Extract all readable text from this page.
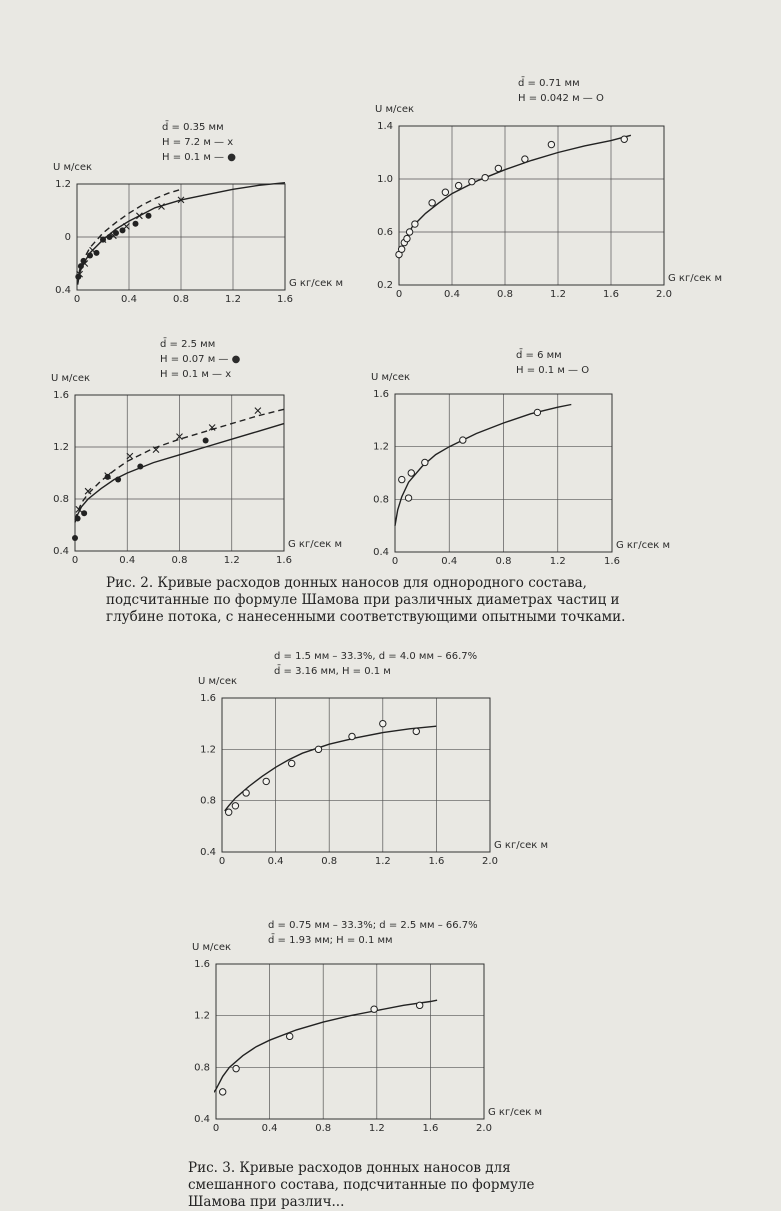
d̄ = 0.35 мм
H = 7.2 м — x
H = 0.1 м — ●
0	0.4	0.8	1.2	1.6
0.4
0
1.2
U м/сек
G кг/сек м
d̄ = 0.71 мм
H = 0.042 м — O
0	0.4	0.8	1.2	1.6	2.0
0.2
0.6
1.0
1.4
U м/сек
G кг/сек м
d̄ = 2.5 мм
H = 0.07 м — ●
H = 0.1 м — x
0	0.4	0.8	1.2	1.6
0.4
0.8
1.2
1.6
U м/сек
G кг/сек м
d̄ = 6 мм
H = 0.1 м — O
0	0.4	0.8	1.2	1.6
0.4
0.8
1.2
1.6
U м/сек
G кг/сек м

Рис. 2. Кривые расходов донных наносов для однородного состава, подсчитанные по формуле Шамова при различных диаметрах частиц и глубине потока, с нанесенными соответствующими опытными точками.

d = 1.5 мм – 33.3%, d = 4.0 мм – 66.7%
d̄ = 3.16 мм, H = 0.1 м
0	0.4	0.8	1.2	1.6	2.0
0.4
0.8
1.2
1.6
U м/сек
G кг/сек м
d = 0.75 мм – 33.3%; d = 2.5 мм – 66.7%
d̄ = 1.93 мм; H = 0.1 мм
0	0.4	0.8	1.2	1.6	2.0
0.4
0.8
1.2
1.6
U м/сек
G кг/сек м

Рис. 3. Кривые расходов донных наносов для смешанного состава, подсчитанные по формуле Шамова при различ...
